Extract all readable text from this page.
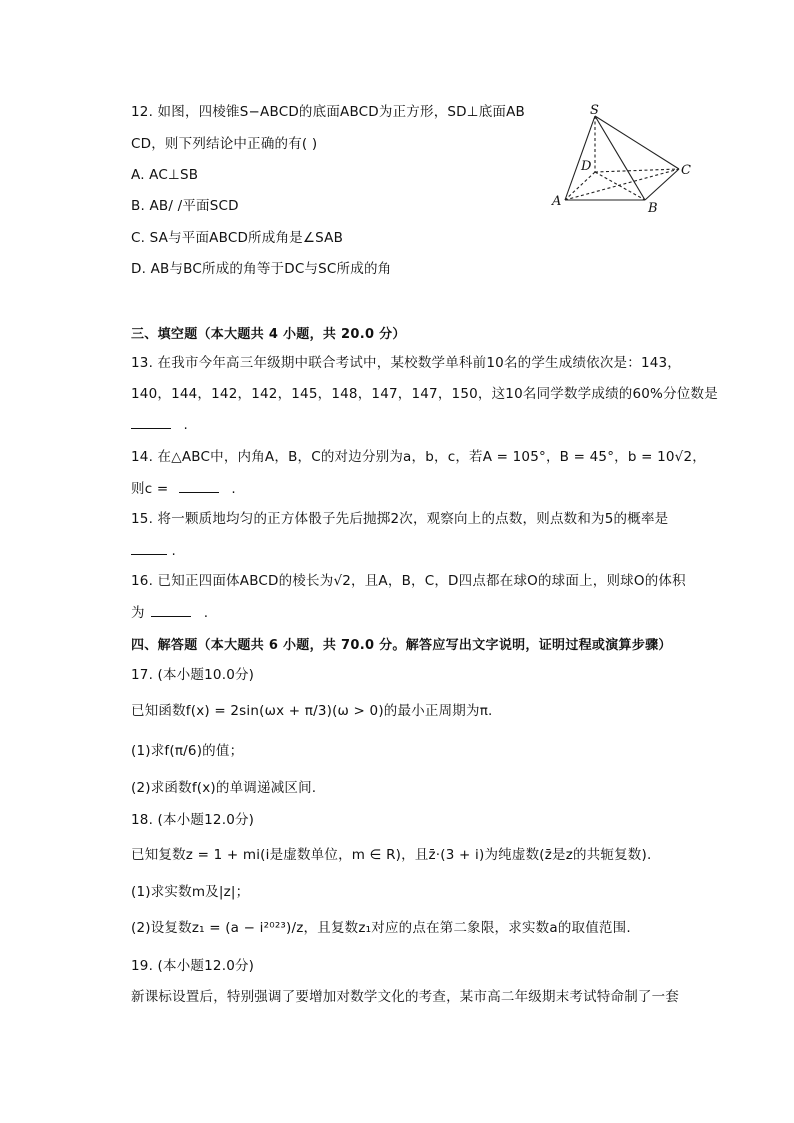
12. 如图，四棱锥S−ABCD的底面ABCD为正方形，SD⊥底面AB
CD，则下列结论中正确的有( )
A. AC⊥SB
B. AB/ /平面SCD
C. SA与平面ABCD所成角是∠SAB
D. AB与BC所成的角等于DC与SC所成的角
S
D	C
A	B
三、填空题（本大题共 4 小题，共 20.0 分）
13. 在我市今年高三年级期中联合考试中，某校数学单科前10名的学生成绩依次是：143，
140，144，142，142，145，148，147，147，150，这10名同学数学成绩的60%分位数是
.
14. 在△ABC中，内角A，B，C的对边分别为a，b，c，若A = 105°，B = 45°，b = 10√2，
则c =	.
15. 将一颗质地均匀的正方体骰子先后抛掷2次，观察向上的点数，则点数和为5的概率是
.
16. 已知正四面体ABCD的棱长为√2，且A，B，C，D四点都在球O的球面上，则球O的体积
为	.
四、解答题（本大题共 6 小题，共 70.0 分。解答应写出文字说明，证明过程或演算步骤）
17. (本小题10.0分)
已知函数f(x) = 2sin(ωx + π/3)(ω > 0)的最小正周期为π.
(1)求f(π/6)的值；
(2)求函数f(x)的单调递减区间.
18. (本小题12.0分)
已知复数z = 1 + mi(i是虚数单位，m ∈ R)，且z̄·(3 + i)为纯虚数(z̄是z的共轭复数).
(1)求实数m及|z|；
(2)设复数z₁ = (a − i²⁰²³)/z，且复数z₁对应的点在第二象限，求实数a的取值范围.
19. (本小题12.0分)
新课标设置后，特别强调了要增加对数学文化的考查，某市高二年级期末考试特命制了一套
